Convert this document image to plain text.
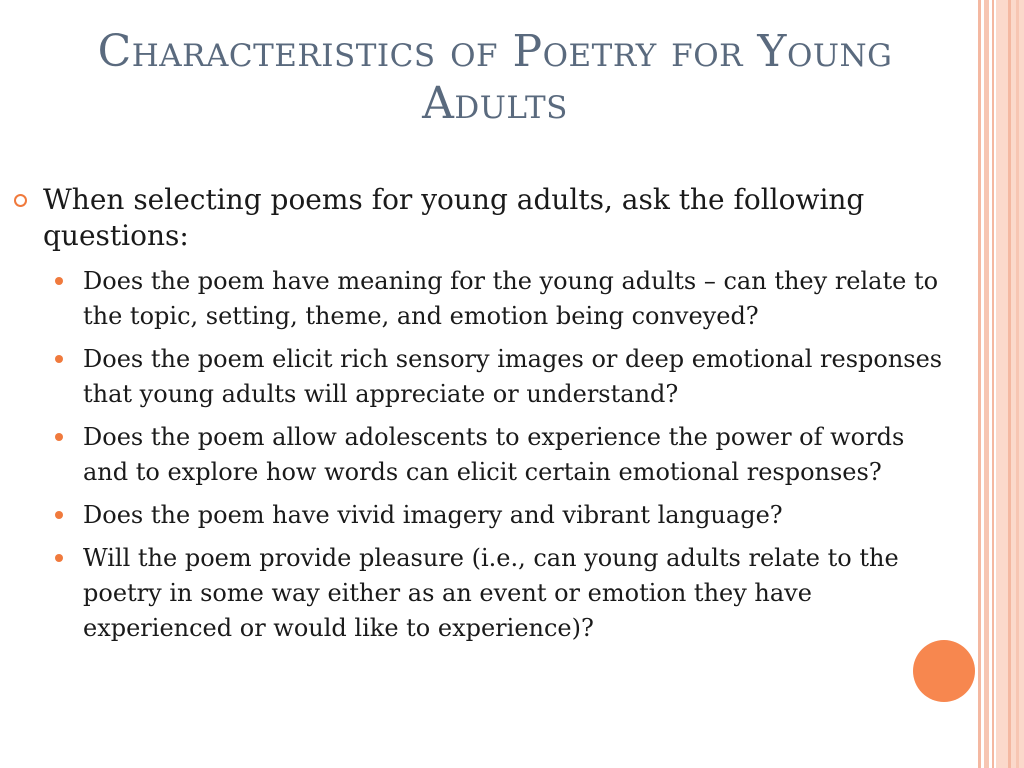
Characteristics of Poetry for Young Adults
When selecting poems for young adults, ask the following questions:
Does the poem have meaning for the young adults – can they relate to the topic, setting, theme, and emotion being conveyed?
Does the poem elicit rich sensory images or deep emotional responses that young adults will appreciate or understand?
Does the poem allow adolescents to experience the power of words and to explore how words can elicit certain emotional responses?
Does the poem have vivid imagery and vibrant language?
Will the poem provide pleasure (i.e., can young adults relate to the poetry in some way either as an event or emotion they have experienced or would like to experience)?
